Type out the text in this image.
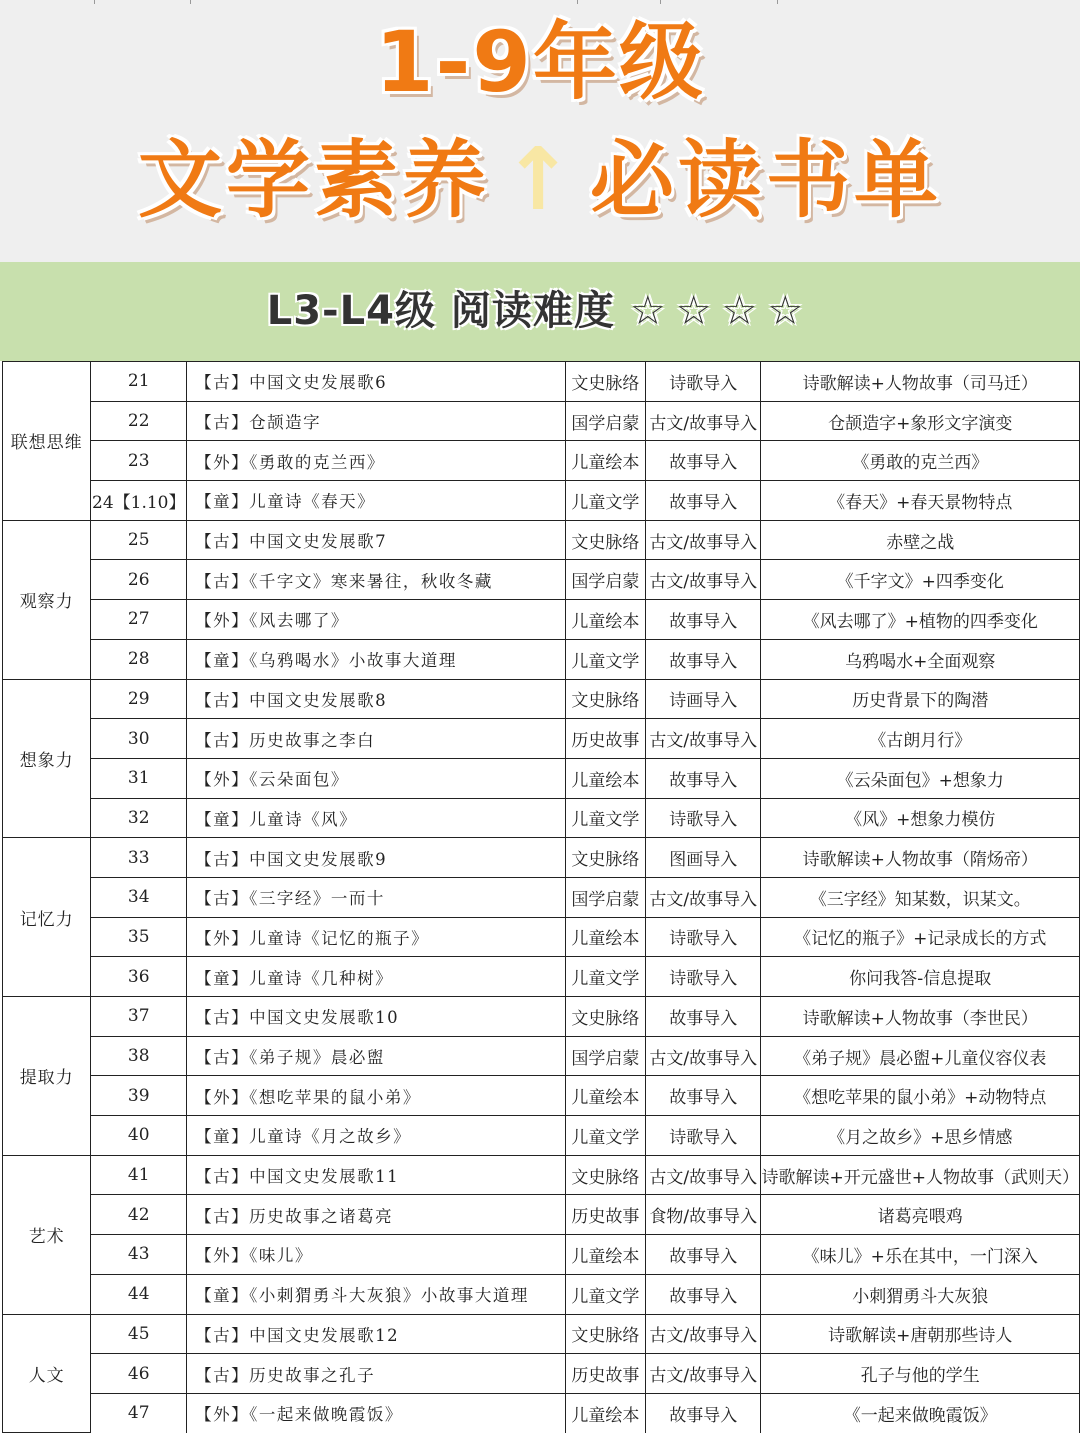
1-9年级
文学素养 ↑ 必读书单
L3-L4级 阅读难度 ☆☆☆☆
联想思维	21	【古】中国文史发展歌6	文史脉络	诗歌导入	诗歌解读+人物故事（司马迁）
	22	【古】仓颉造字	国学启蒙	古文/故事导入	仓颉造字+象形文字演变
	23	【外】《勇敢的克兰西》	儿童绘本	故事导入	《勇敢的克兰西》
	24【1.10】	【童】儿童诗《春天》	儿童文学	故事导入	《春天》+春天景物特点
观察力	25	【古】中国文史发展歌7	文史脉络	古文/故事导入	赤壁之战
	26	【古】《千字文》寒来暑往，秋收冬藏	国学启蒙	古文/故事导入	《千字文》+四季变化
	27	【外】《风去哪了》	儿童绘本	故事导入	《风去哪了》+植物的四季变化
	28	【童】《乌鸦喝水》小故事大道理	儿童文学	故事导入	乌鸦喝水+全面观察
想象力	29	【古】中国文史发展歌8	文史脉络	诗画导入	历史背景下的陶潜
	30	【古】历史故事之李白	历史故事	古文/故事导入	《古朗月行》
	31	【外】《云朵面包》	儿童绘本	故事导入	《云朵面包》+想象力
	32	【童】儿童诗《风》	儿童文学	诗歌导入	《风》+想象力模仿
记忆力	33	【古】中国文史发展歌9	文史脉络	图画导入	诗歌解读+人物故事（隋炀帝）
	34	【古】《三字经》一而十	国学启蒙	古文/故事导入	《三字经》知某数，识某文。
	35	【外】儿童诗《记忆的瓶子》	儿童绘本	诗歌导入	《记忆的瓶子》+记录成长的方式
	36	【童】儿童诗《几种树》	儿童文学	诗歌导入	你问我答-信息提取
提取力	37	【古】中国文史发展歌10	文史脉络	故事导入	诗歌解读+人物故事（李世民）
	38	【古】《弟子规》晨必盥	国学启蒙	古文/故事导入	《弟子规》晨必盥+儿童仪容仪表
	39	【外】《想吃苹果的鼠小弟》	儿童绘本	故事导入	《想吃苹果的鼠小弟》+动物特点
	40	【童】儿童诗《月之故乡》	儿童文学	诗歌导入	《月之故乡》+思乡情感
艺术	41	【古】中国文史发展歌11	文史脉络	古文/故事导入	诗歌解读+开元盛世+人物故事（武则天）
	42	【古】历史故事之诸葛亮	历史故事	食物/故事导入	诸葛亮喂鸡
	43	【外】《味儿》	儿童绘本	故事导入	《味儿》+乐在其中，一门深入
	44	【童】《小刺猬勇斗大灰狼》小故事大道理	儿童文学	故事导入	小刺猬勇斗大灰狼
人文	45	【古】中国文史发展歌12	文史脉络	古文/故事导入	诗歌解读+唐朝那些诗人
	46	【古】历史故事之孔子	历史故事	古文/故事导入	孔子与他的学生
	47	【外】《一起来做晚霞饭》	儿童绘本	故事导入	《一起来做晚霞饭》
